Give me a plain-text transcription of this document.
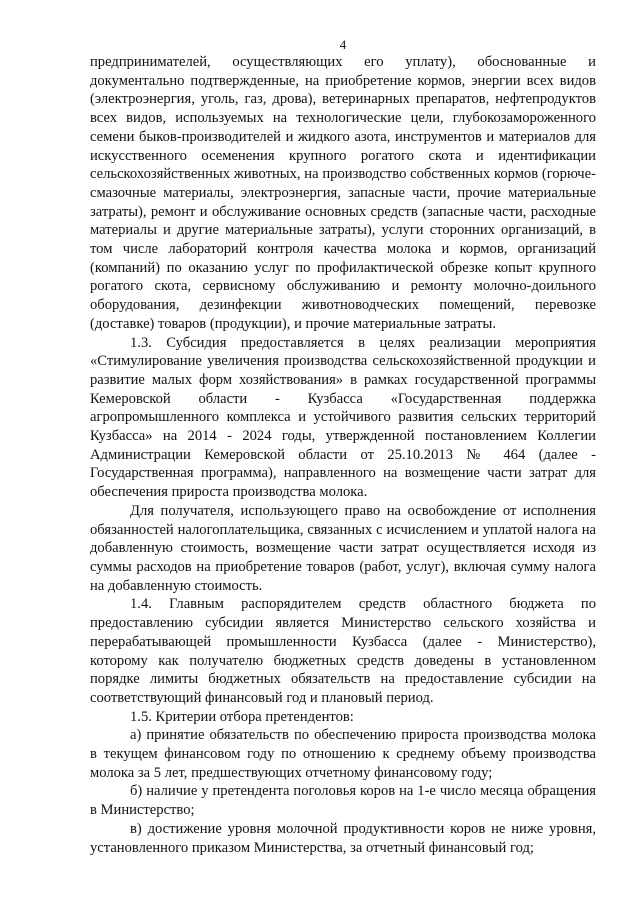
4

предпринимателей, осуществляющих его уплату), обоснованные и документально подтвержденные, на приобретение кормов, энергии всех видов (электроэнергия, уголь, газ, дрова), ветеринарных препаратов, нефтепродуктов всех видов, используемых на технологические цели, глубокозамороженного семени быков-производителей и жидкого азота, инструментов и материалов для искусственного осеменения крупного рогатого скота и идентификации сельскохозяйственных животных, на производство собственных кормов (горюче-смазочные материалы, электроэнергия, запасные части, прочие материальные затраты), ремонт и обслуживание основных средств (запасные части, расходные материалы и другие материальные затраты), услуги сторонних организаций, в том числе лабораторий контроля качества молока и кормов, организаций (компаний) по оказанию услуг по профилактической обрезке копыт крупного рогатого скота, сервисному обслуживанию и ремонту молочно-доильного оборудования, дезинфекции животноводческих помещений, перевозке (доставке) товаров (продукции), и прочие материальные затраты.

1.3. Субсидия предоставляется в целях реализации мероприятия «Стимулирование увеличения производства сельскохозяйственной продукции и развитие малых форм хозяйствования» в рамках государственной программы Кемеровской области - Кузбасса «Государственная поддержка агропромышленного комплекса и устойчивого развития сельских территорий Кузбасса» на 2014 - 2024 годы, утвержденной постановлением Коллегии Администрации Кемеровской области от 25.10.2013 № 464 (далее - Государственная программа), направленного на возмещение части затрат для обеспечения прироста производства молока.

Для получателя, использующего право на освобождение от исполнения обязанностей налогоплательщика, связанных с исчислением и уплатой налога на добавленную стоимость, возмещение части затрат осуществляется исходя из суммы расходов на приобретение товаров (работ, услуг), включая сумму налога на добавленную стоимость.

1.4. Главным распорядителем средств областного бюджета по предоставлению субсидии является Министерство сельского хозяйства и перерабатывающей промышленности Кузбасса (далее - Министерство), которому как получателю бюджетных средств доведены в установленном порядке лимиты бюджетных обязательств на предоставление субсидии на соответствующий финансовый год и плановый период.

1.5. Критерии отбора претендентов:

а) принятие обязательств по обеспечению прироста производства молока в текущем финансовом году по отношению к среднему объему производства молока за 5 лет, предшествующих отчетному финансовому году;

б) наличие у претендента поголовья коров на 1-е число месяца обращения в Министерство;

в) достижение уровня молочной продуктивности коров не ниже уровня, установленного приказом Министерства, за отчетный финансовый год;
